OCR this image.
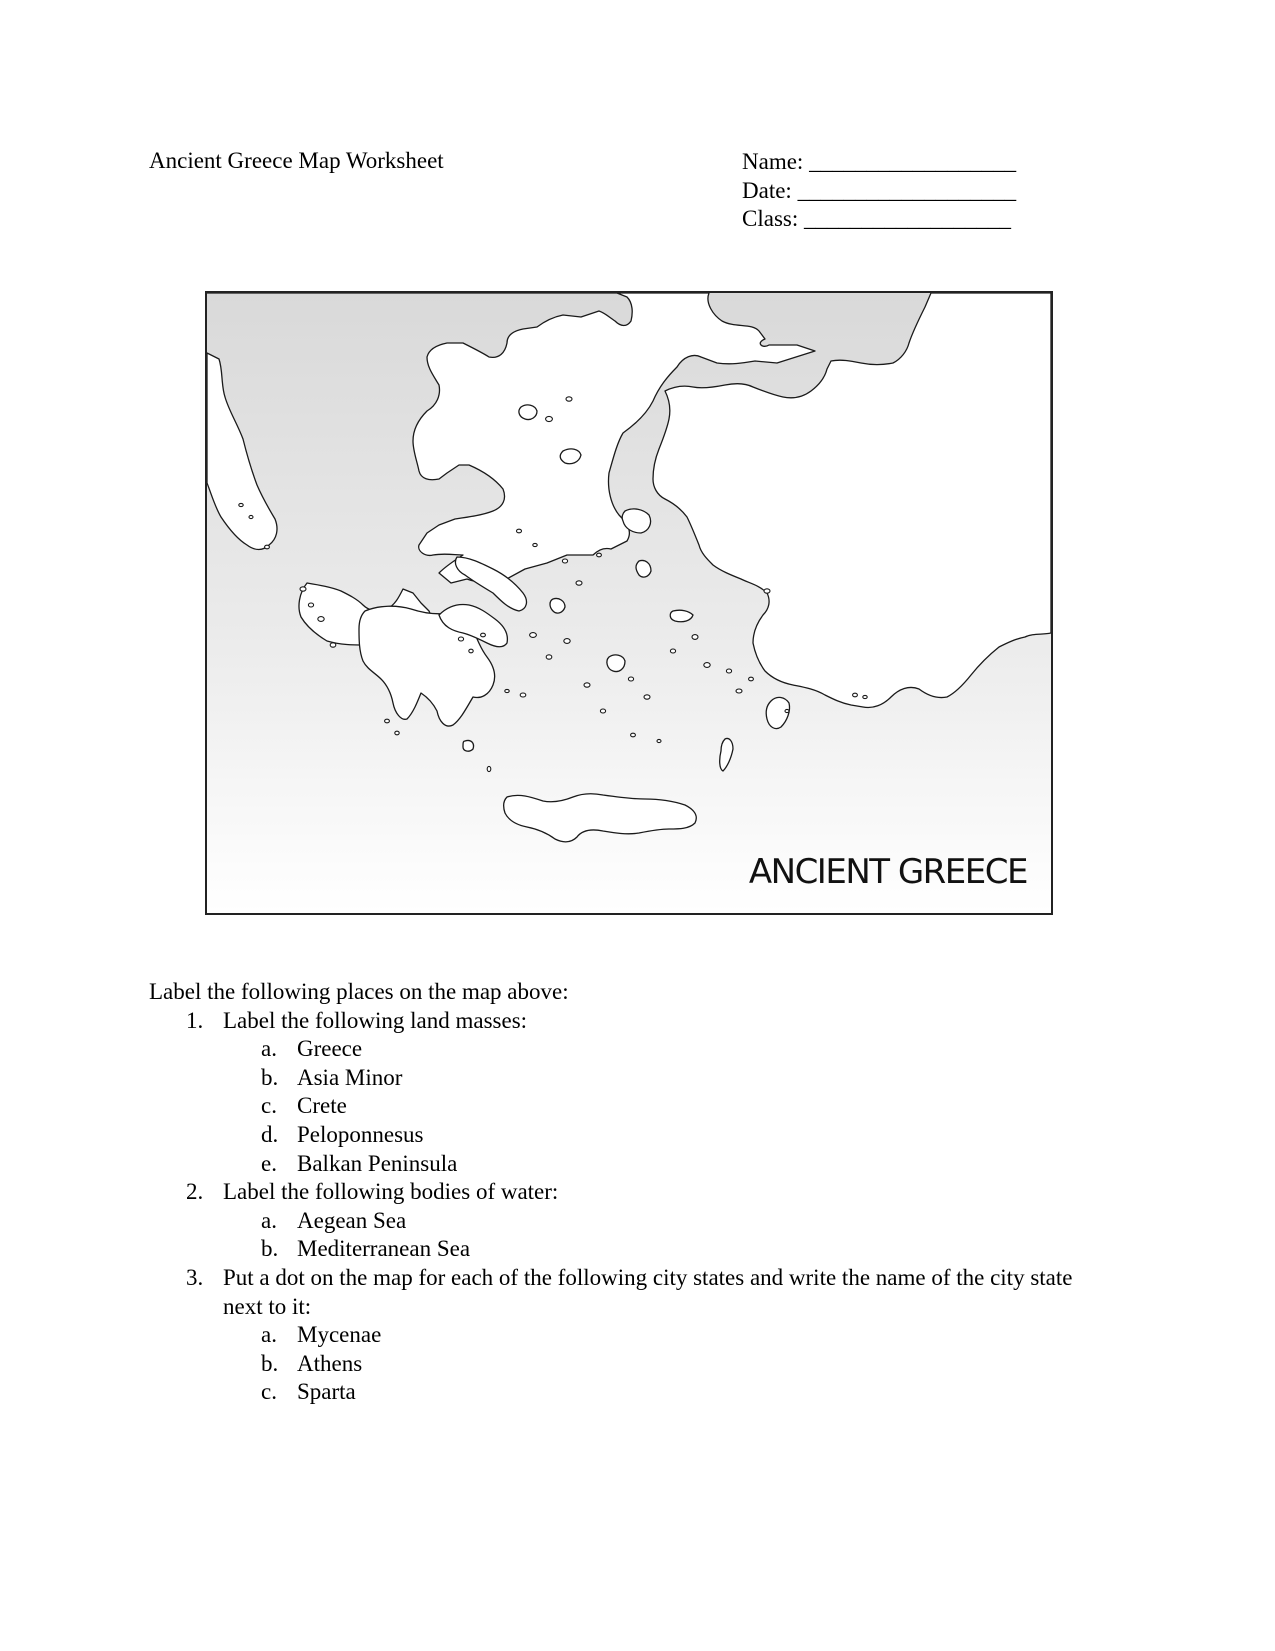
Ancient Greece Map Worksheet	Name: __________________
Date: ___________________
Class: __________________
ANCIENT GREECE
Label the following places on the map above:
1. Label the following land masses:
a. Greece
b. Asia Minor
c. Crete
d. Peloponnesus
e. Balkan Peninsula
2. Label the following bodies of water:
a. Aegean Sea
b. Mediterranean Sea
3. Put a dot on the map for each of the following city states and write the name of the city state next to it:
a. Mycenae
b. Athens
c. Sparta
